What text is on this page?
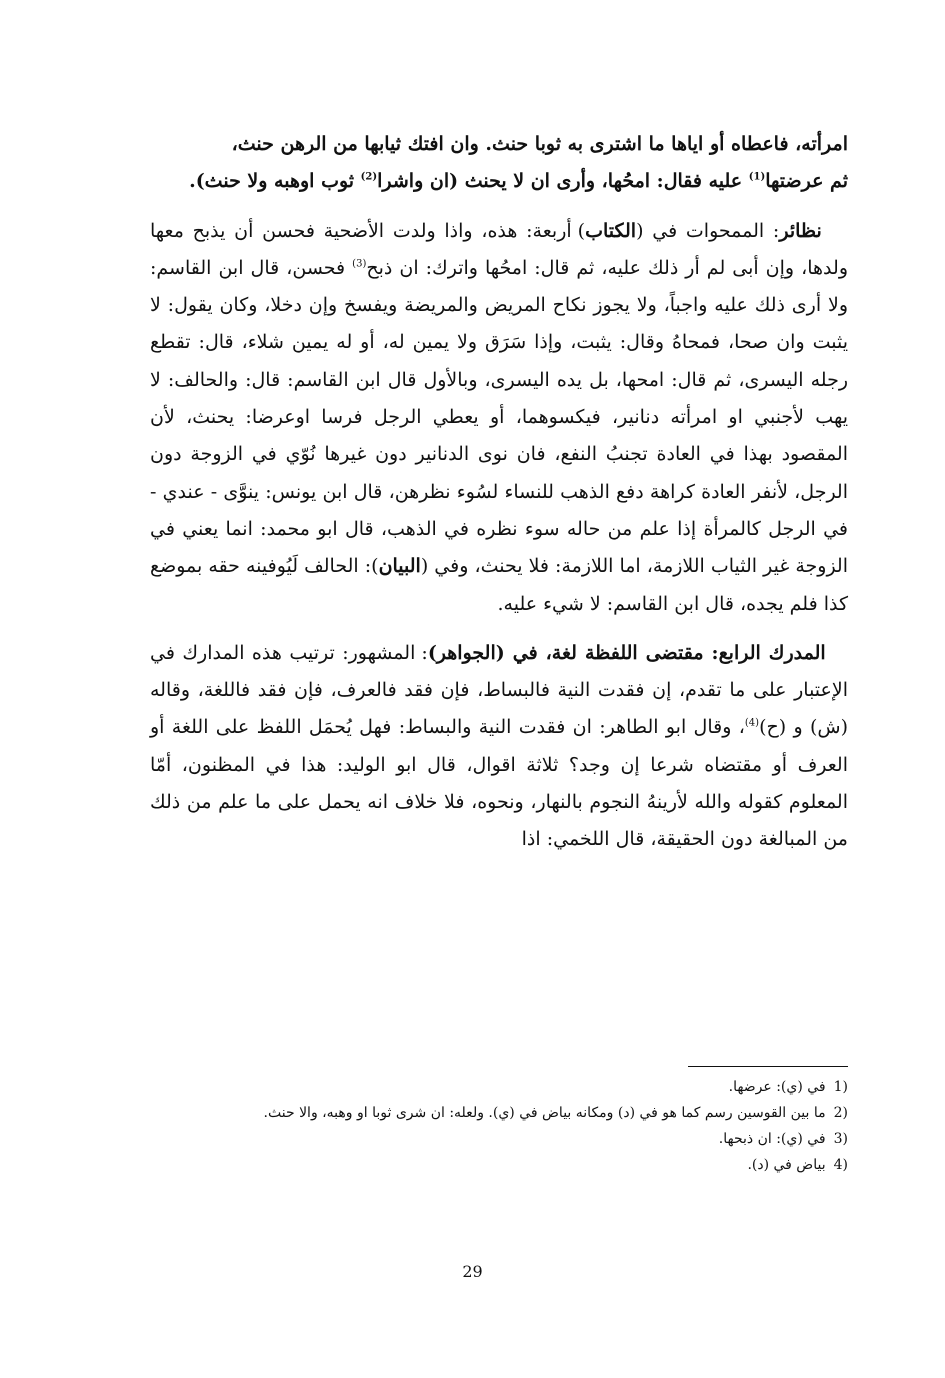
امرأته، فاعطاه أو اياها ما اشترى به ثوبا حنث. وان افتك ثيابها من الرهن حنث،
ثم عرضتها$^{(1)}$ عليه فقال: امحُها، وأرى ان لا يحنث (ان واشرا$^{(2)}$ ثوب اوهبه ولا حنث).

نظائر: الممحوات في (الكتاب) أربعة: هذه، واذا ولدت الأضحية فحسن أن يذبح معها ولدها، وإن أبى لم أر ذلك عليه، ثم قال: امحُها واترك: ان ذبح$^{(3)}$ فحسن، قال ابن القاسم: ولا أرى ذلك عليه واجباً، ولا يجوز نكاح المريض والمريضة ويفسخ وإن دخلا، وكان يقول: لا يثبت وان صحا، فمحاهُ وقال: يثبت، وإذا سَرَق ولا يمين له، أو له يمين شلاء، قال: تقطع رجله اليسرى، ثم قال: امحها، بل يده اليسرى، وبالأول قال ابن القاسم: قال: والحالف: لا يهب لأجنبي او امرأته دنانير، فيكسوهما، أو يعطي الرجل فرسا اوعرضا: يحنث، لأن المقصود بهذا في العادة تجنبُ النفع، فان نوى الدنانير دون غيرها نُوّي في الزوجة دون الرجل، لأنفر العادة كراهة دفع الذهب للنساء لسُوء نظرهن، قال ابن يونس: ينوَّى - عندي - في الرجل كالمرأة إذا علم من حاله سوء نظره في الذهب، قال ابو محمد: انما يعني في الزوجة غير الثياب اللازمة، اما اللازمة: فلا يحنث، وفي (البيان): الحالف لَيُوفينه حقه بموضع كذا فلم يجده، قال ابن القاسم: لا شيء عليه.

المدرك الرابع: مقتضى اللفظة لغة، في (الجواهر): المشهور: ترتيب هذه المدارك في الإعتبار على ما تقدم، إن فقدت النية فالبساط، فإن فقد فالعرف، فإن فقد فاللغة، وقاله (ش) و (ح)$^{(4)}$، وقال ابو الطاهر: ان فقدت النية والبساط: فهل يُحمَل اللفظ على اللغة أو العرف أو مقتضاه شرعا إن وجد؟ ثلاثة اقوال، قال ابو الوليد: هذا في المظنون، أمّا المعلوم كقوله والله لأرينهُ النجوم بالنهار، ونحوه، فلا خلاف انه يحمل على ما علم من ذلك من المبالغة دون الحقيقة، قال اللخمي: اذا

1)
في (ي): عرضها.

2)
ما بين القوسين رسم كما هو في (د) ومكانه بياض في (ي). ولعله: ان شرى ثوبا او وهبه، والا حنث.

3)
في (ي): ان ذبحها.

4)
بياض في (د).

29
